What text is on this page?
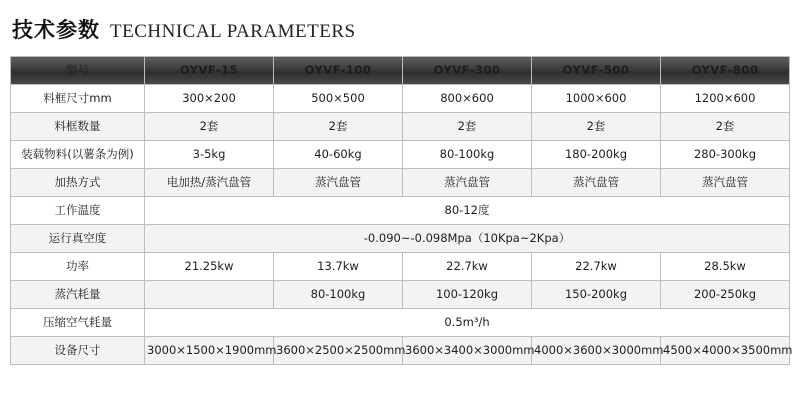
技术参数 TECHNICAL PARAMETERS
型号	OYVF-15	OYVF-100	OYVF-300	OYVF-500	OYVF-800
料框尺寸mm	300×200	500×500	800×600	1000×600	1200×600
料框数量	2套	2套	2套	2套	2套
装载物料(以薯条为例)	3-5kg	40-60kg	80-100kg	180-200kg	280-300kg
加热方式	电加热/蒸汽盘管	蒸汽盘管	蒸汽盘管	蒸汽盘管	蒸汽盘管
工作温度	80-12度				
运行真空度	-0.090~-0.098Mpa（10Kpa~2Kpa）				
功率	21.25kw	13.7kw	22.7kw	22.7kw	28.5kw
蒸汽耗量		80-100kg	100-120kg	150-200kg	200-250kg
压缩空气耗量	0.5m³/h				
设备尺寸	3000×1500×1900mm	3600×2500×2500mm	3600×3400×3000mm	4000×3600×3000mm	4500×4000×3500mm
